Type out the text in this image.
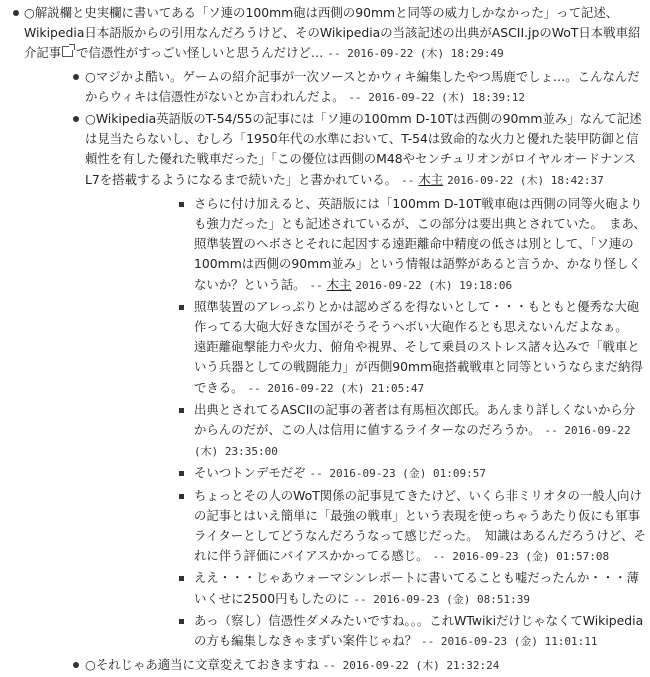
○解説欄と史実欄に書いてある「ソ連の100mm砲は西側の90mmと同等の威力しかなかった」って記述、Wikipedia日本語版からの引用なんだろうけど、そのWikipediaの当該記述の出典がASCII.jpのWoT日本戦車紹介記事 で信憑性がすっごい怪しいと思うんだけど… -- 2016-09-22 (木) 18:29:49
○マジかよ酷い。ゲームの紹介記事が一次ソースとかウィキ編集したやつ馬鹿でしょ…。こんなんだからウィキは信憑性がないとか言われんだよ。 -- 2016-09-22 (木) 18:39:12
○Wikipedia英語版のT-54/55の記事には「ソ連の100mm D-10Tは西側の90mm並み」なんて記述は見当たらないし、むしろ「1950年代の水準において、T-54は致命的な火力と優れた装甲防御と信頼性を有した優れた戦車だった」「この優位は西側のM48やセンチュリオンがロイヤルオードナンスL7を搭載するようになるまで続いた」と書かれている。 -- 木主 2016-09-22 (木) 18:42:37
さらに付け加えると、英語版には「100mm D-10T戦車砲は西側の同等火砲よりも強力だった」とも記述されているが、この部分は要出典とされていた。　まあ、照準装置のヘボさとそれに起因する遠距離命中精度の低さは別として、「ソ連の100mmは西側の90mm並み」という情報は語弊があると言うか、かなり怪しくないか？という話。 -- 木主 2016-09-22 (木) 19:18:06
照準装置のアレっぷりとかは認めざるを得ないとして・・・もともと優秀な大砲作ってる大砲大好きな国がそうそうヘボい大砲作るとも思えないんだよなぁ。　遠距離砲撃能力や火力、俯角や視界、そして乗員のストレス諸々込みで「戦車という兵器としての戦闘能力」が西側90mm砲搭載戦車と同等というならまだ納得できる。 -- 2016-09-22 (木) 21:05:47
出典とされてるASCIIの記事の著者は有馬桓次郎氏。あんまり詳しくないから分からんのだが、この人は信用に値するライターなのだろうか。 -- 2016-09-22 (木) 23:35:00
そいつトンデモだぞ -- 2016-09-23 (金) 01:09:57
ちょっとその人のWoT関係の記事見てきたけど、いくら非ミリオタの一般人向けの記事とはいえ簡単に「最強の戦車」という表現を使っちゃうあたり仮にも軍事ライターとしてどうなんだろうなって感じだった。　知識はあるんだろうけど、それに伴う評価にバイアスかかってる感じ。 -- 2016-09-23 (金) 01:57:08
ええ・・・じゃあウォーマシンレポートに書いてることも嘘だったんか・・・薄いくせに2500円もしたのに -- 2016-09-23 (金) 08:51:39
あっ（察し）信憑性ダメみたいですね。。。これWTwikiだけじゃなくてWikipediaの方も編集しなきゃまずい案件じゃね？ -- 2016-09-23 (金) 11:01:11
○それじゃあ適当に文章変えておきますね -- 2016-09-22 (木) 21:32:24
